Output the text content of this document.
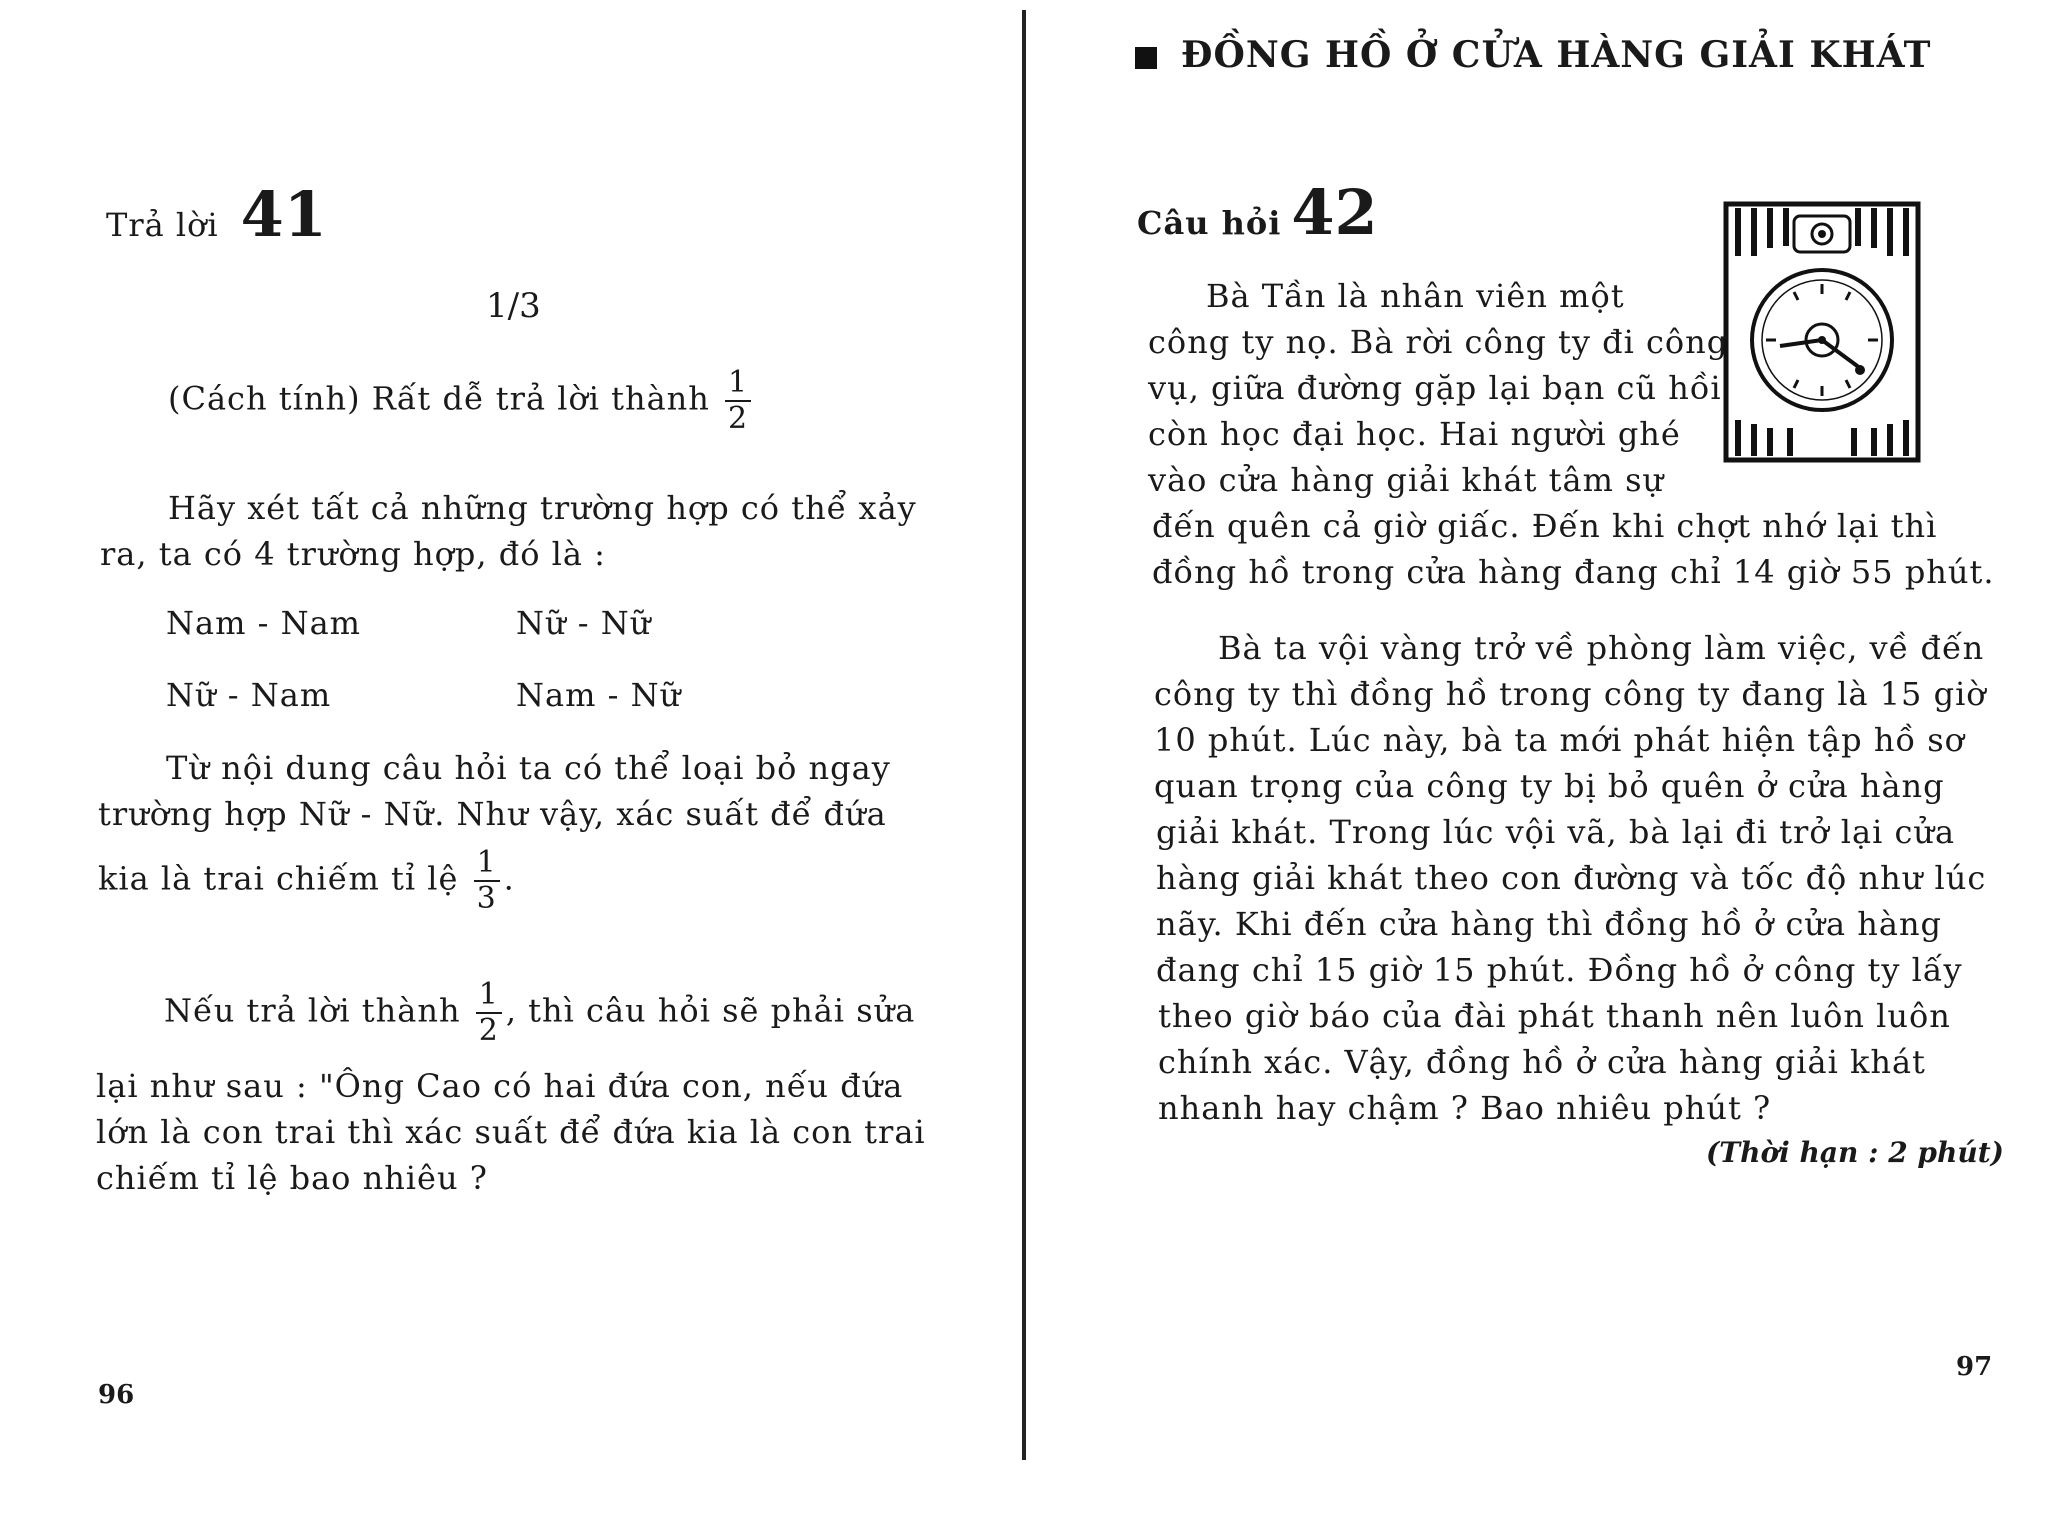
Trả lời 41
1/3
(Cách tính) Rất dễ trả lời thành $\frac{1}{2}$
Hãy xét tất cả những trường hợp có thể xảy
ra, ta có 4 trường hợp, đó là :
Nam - Nam	Nữ - Nữ
Nữ - Nam	Nam - Nữ
Từ nội dung câu hỏi ta có thể loại bỏ ngay
trường hợp Nữ - Nữ. Như vậy, xác suất để đứa
kia là trai chiếm tỉ lệ $\frac{1}{3}$ .
Nếu trả lời thành $\frac{1}{2}$ , thì câu hỏi sẽ phải sửa
lại như sau : "Ông Cao có hai đứa con, nếu đứa
lớn là con trai thì xác suất để đứa kia là con trai
chiếm tỉ lệ bao nhiêu ?
96
ĐỒNG HỒ Ở CỬA HÀNG GIẢI KHÁT
Câu hỏi 42
Bà Tần là nhân viên một
công ty nọ. Bà rời công ty đi công
vụ, giữa đường gặp lại bạn cũ hồi
còn học đại học. Hai người ghé
vào cửa hàng giải khát tâm sự
đến quên cả giờ giấc. Đến khi chợt nhớ lại thì
đồng hồ trong cửa hàng đang chỉ 14 giờ 55 phút.
Bà ta vội vàng trở về phòng làm việc, về đến
công ty thì đồng hồ trong công ty đang là 15 giờ
10 phút. Lúc này, bà ta mới phát hiện tập hồ sơ
quan trọng của công ty bị bỏ quên ở cửa hàng
giải khát. Trong lúc vội vã, bà lại đi trở lại cửa
hàng giải khát theo con đường và tốc độ như lúc
nãy. Khi đến cửa hàng thì đồng hồ ở cửa hàng
đang chỉ 15 giờ 15 phút. Đồng hồ ở công ty lấy
theo giờ báo của đài phát thanh nên luôn luôn
chính xác. Vậy, đồng hồ ở cửa hàng giải khát
nhanh hay chậm ? Bao nhiêu phút ?
(Thời hạn : 2 phút)
97
